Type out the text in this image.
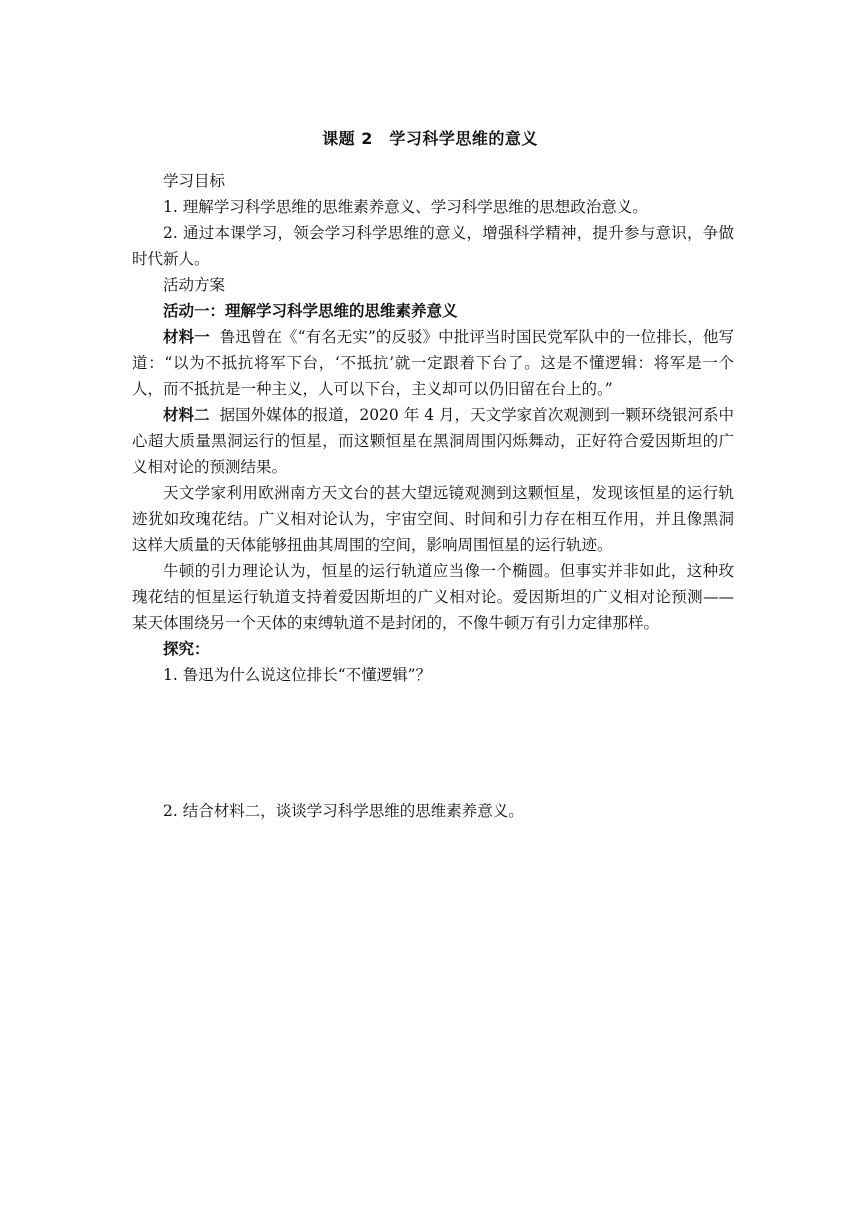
课题 2　学习科学思维的意义

学习目标

1. 理解学习科学思维的思维素养意义、学习科学思维的思想政治意义。

2. 通过本课学习，领会学习科学思维的意义，增强科学精神，提升参与意识，争做时代新人。

活动方案

活动一：理解学习科学思维的思维素养意义

材料一 鲁迅曾在《“有名无实”的反驳》中批评当时国民党军队中的一位排长，他写道：“以为不抵抗将军下台，‘不抵抗’就一定跟着下台了。这是不懂逻辑：将军是一个人，而不抵抗是一种主义，人可以下台，主义却可以仍旧留在台上的。”

材料二 据国外媒体的报道，2020 年 4 月，天文学家首次观测到一颗环绕银河系中心超大质量黑洞运行的恒星，而这颗恒星在黑洞周围闪烁舞动，正好符合爱因斯坦的广义相对论的预测结果。

天文学家利用欧洲南方天文台的甚大望远镜观测到这颗恒星，发现该恒星的运行轨迹犹如玫瑰花结。广义相对论认为，宇宙空间、时间和引力存在相互作用，并且像黑洞这样大质量的天体能够扭曲其周围的空间，影响周围恒星的运行轨迹。

牛顿的引力理论认为，恒星的运行轨道应当像一个椭圆。但事实并非如此，这种玫瑰花结的恒星运行轨道支持着爱因斯坦的广义相对论。爱因斯坦的广义相对论预测——某天体围绕另一个天体的束缚轨道不是封闭的，不像牛顿万有引力定律那样。

探究：

1. 鲁迅为什么说这位排长“不懂逻辑”？

2. 结合材料二，谈谈学习科学思维的思维素养意义。
